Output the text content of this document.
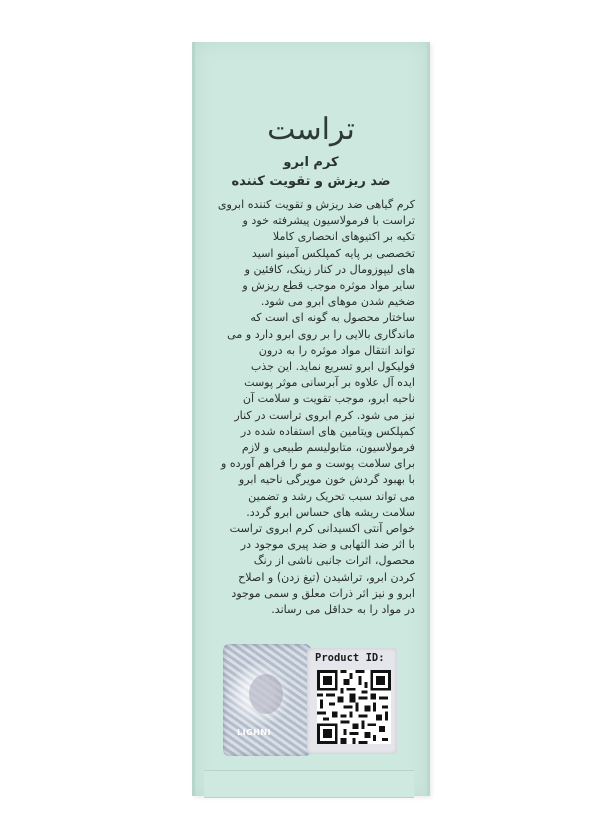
تراست
کرم ابرو
ضد ریزش و تقویت کننده
کرم گیاهی ضد ریزش و تقویت کننده ابروی
تراست با فرمولاسیون پیشرفته خود و
تکیه بر اکتیوهای انحصاری کاملا
تخصصی بر پایه کمپلکس آمینو اسید
های لیپوزومال در کنار زینک، کافئین و
سایر مواد موثره موجب قطع ریزش و
ضخیم شدن موهای ابرو می شود.
ساختار محصول به گونه ای است که
ماندگاری بالایی را بر روی ابرو دارد و می
تواند انتقال مواد موثره را به درون
فولیکول ابرو تسریع نماید. این جذب
ایده آل علاوه بر آبرسانی موثر پوست
ناحیه ابرو، موجب تقویت و سلامت آن
نیز می شود. کرم ابروی تراست در کنار
کمپلکس ویتامین های استفاده شده در
فرمولاسیون، متابولیسم طبیعی و لازم
برای سلامت پوست و مو را فراهم آورده و
با بهبود گردش خون مویرگی ناحیه ابرو
می تواند سبب تحریک رشد و تضمین
سلامت ریشه های حساس ابرو گردد.
خواص آنتی اکسیدانی کرم ابروی تراست
با اثر ضد التهابی و ضد پیری موجود در
محصول، اثرات جانبی ناشی از رنگ
کردن ابرو، تراشیدن (تیغ زدن) و اصلاح
ابرو و نیز اثر ذرات معلق و سمی موجود
در مواد را به حداقل می رساند.
LIGHNI
Product ID:
